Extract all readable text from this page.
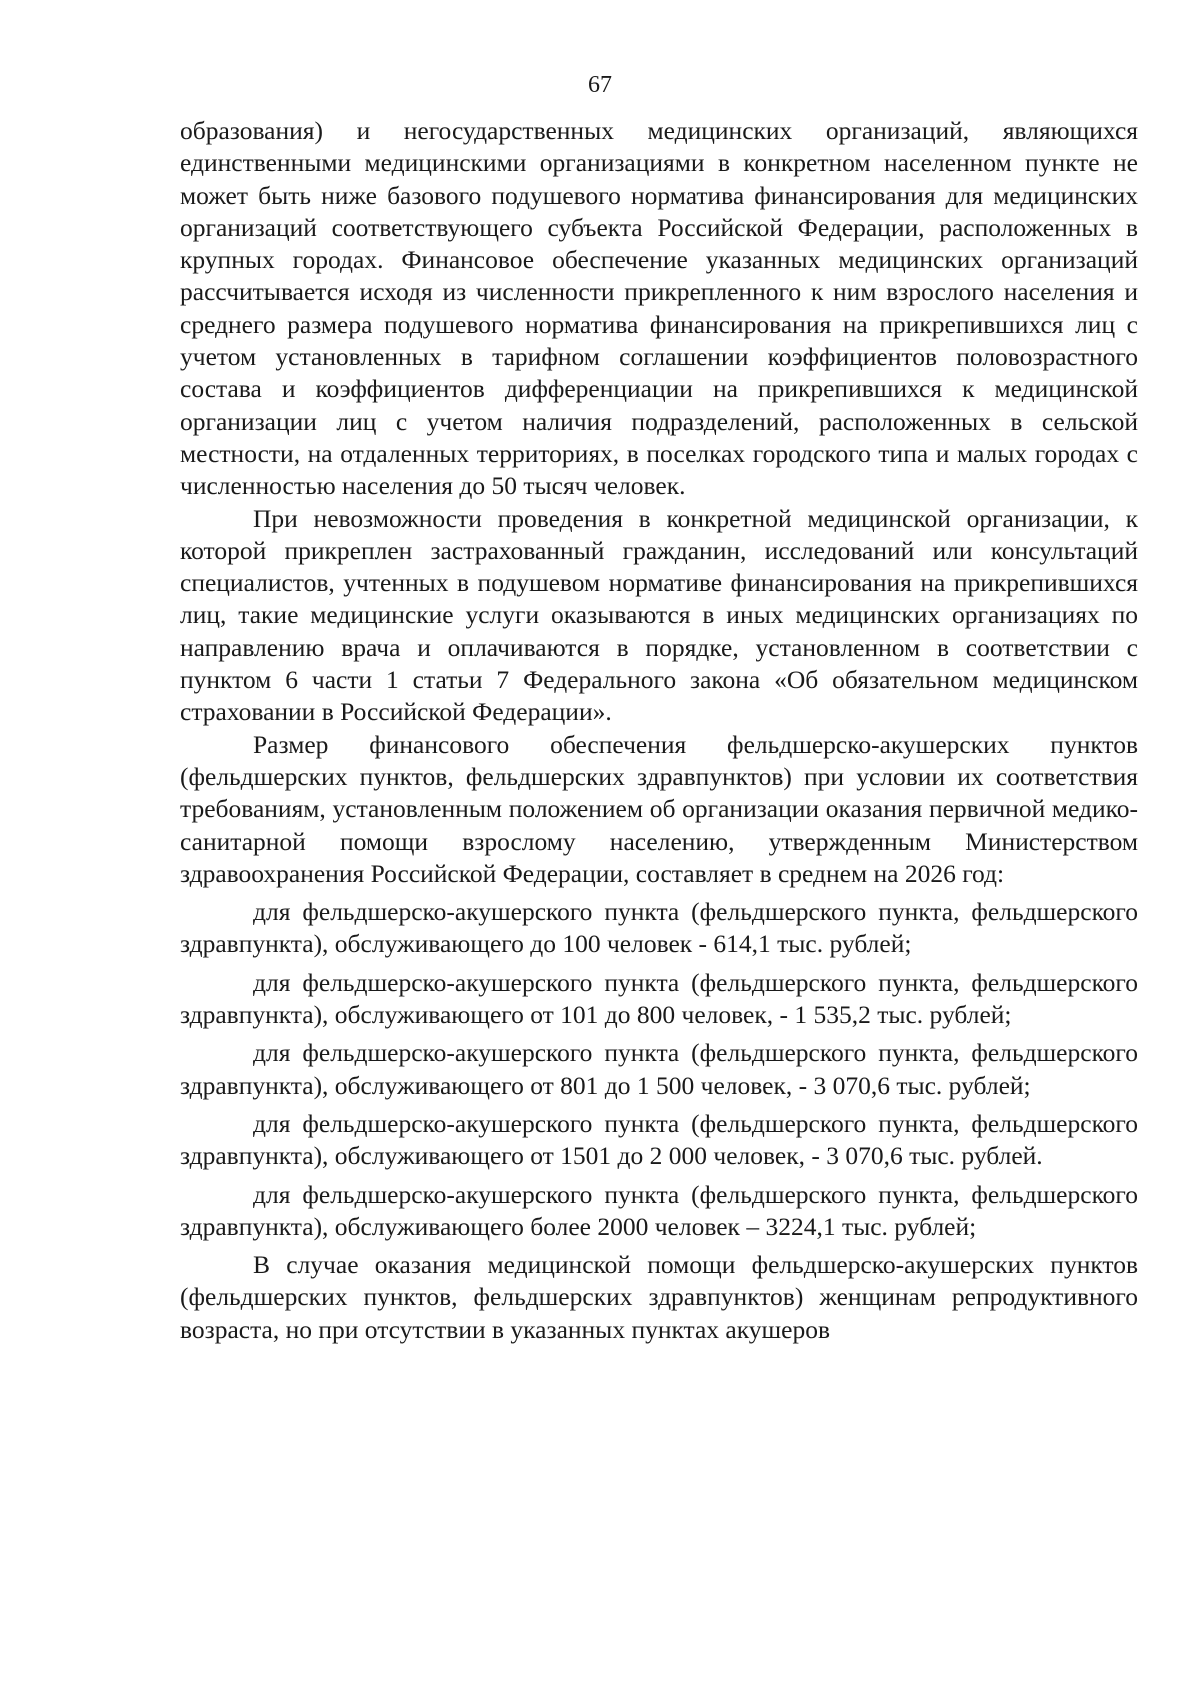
67

образования) и негосударственных медицинских организаций, являющихся единственными медицинскими организациями в конкретном населенном пункте не может быть ниже базового подушевого норматива финансирования для медицинских организаций соответствующего субъекта Российской Федерации, расположенных в крупных городах. Финансовое обеспечение указанных медицинских организаций рассчитывается исходя из численности прикрепленного к ним взрослого населения и среднего размера подушевого норматива финансирования на прикрепившихся лиц с учетом установленных в тарифном соглашении коэффициентов половозрастного состава и коэффициентов дифференциации на прикрепившихся к медицинской организации лиц с учетом наличия подразделений, расположенных в сельской местности, на отдаленных территориях, в поселках городского типа и малых городах с численностью населения до 50 тысяч человек.

При невозможности проведения в конкретной медицинской организации, к которой прикреплен застрахованный гражданин, исследований или консультаций специалистов, учтенных в подушевом нормативе финансирования на прикрепившихся лиц, такие медицинские услуги оказываются в иных медицинских организациях по направлению врача и оплачиваются в порядке, установленном в соответствии с пунктом 6 части 1 статьи 7 Федерального закона «Об обязательном медицинском страховании в Российской Федерации».

Размер финансового обеспечения фельдшерско-акушерских пунктов (фельдшерских пунктов, фельдшерских здравпунктов) при условии их соответствия требованиям, установленным положением об организации оказания первичной медико-санитарной помощи взрослому населению, утвержденным Министерством здравоохранения Российской Федерации, составляет в среднем на 2026 год:

для фельдшерско-акушерского пункта (фельдшерского пункта, фельдшерского здравпункта), обслуживающего до 100 человек - 614,1 тыс. рублей;

для фельдшерско-акушерского пункта (фельдшерского пункта, фельдшерского здравпункта), обслуживающего от 101 до 800 человек, - 1 535,2 тыс. рублей;

для фельдшерско-акушерского пункта (фельдшерского пункта, фельдшерского здравпункта), обслуживающего от 801 до 1 500 человек, - 3 070,6 тыс. рублей;

для фельдшерско-акушерского пункта (фельдшерского пункта, фельдшерского здравпункта), обслуживающего от 1501 до 2 000 человек, - 3 070,6 тыс. рублей.

для фельдшерско-акушерского пункта (фельдшерского пункта, фельдшерского здравпункта), обслуживающего более 2000 человек – 3224,1 тыс. рублей;

В случае оказания медицинской помощи фельдшерско-акушерских пунктов (фельдшерских пунктов, фельдшерских здравпунктов) женщинам репродуктивного возраста, но при отсутствии в указанных пунктах акушеров
